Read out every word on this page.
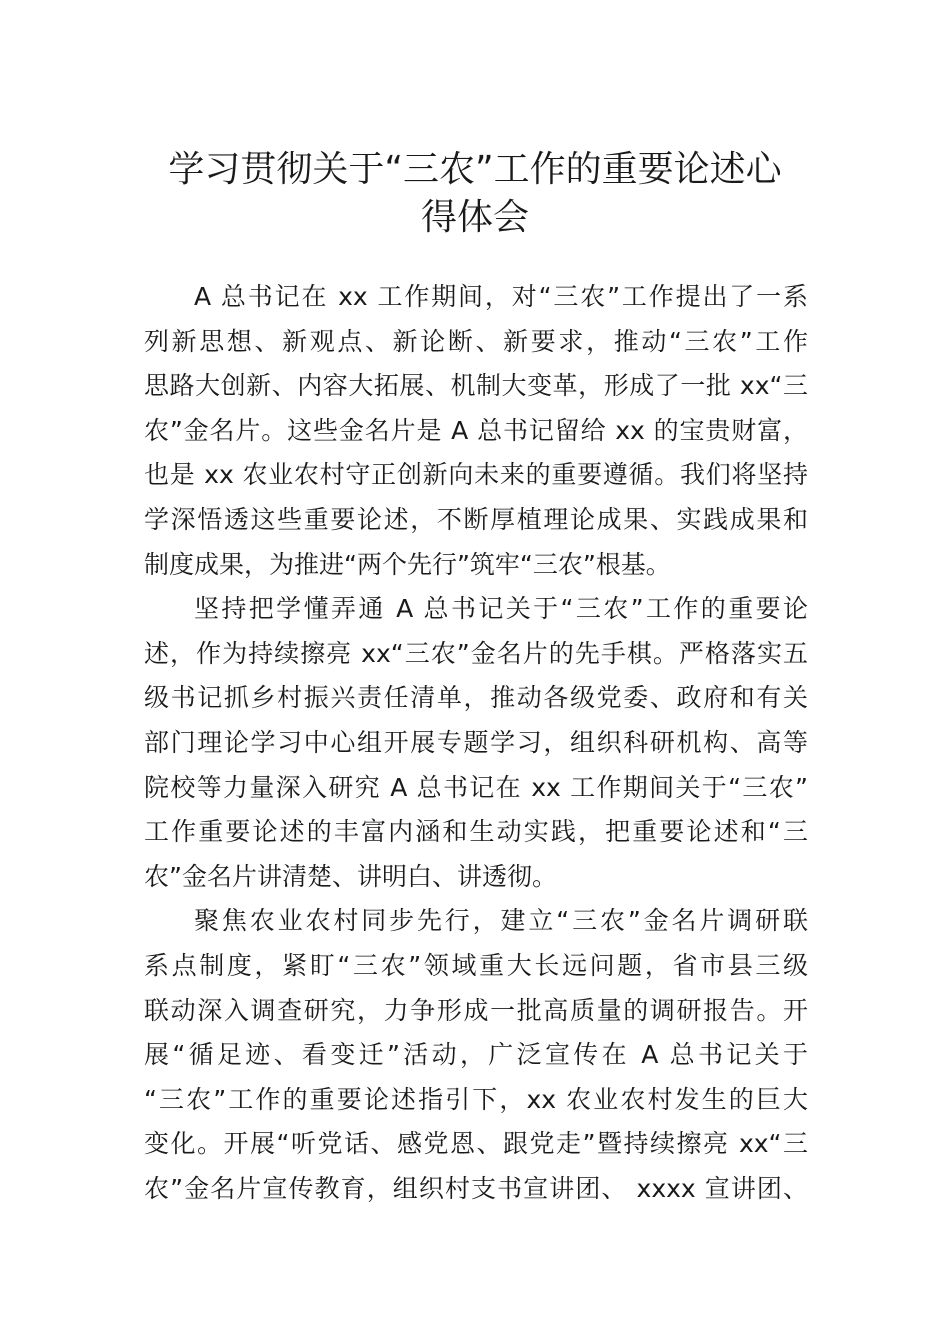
学习贯彻关于“三农”工作的重要论述心
得体会
A 总书记在 xx 工作期间，对“三农”工作提出了一系
列新思想、新观点、新论断、新要求，推动“三农”工作
思路大创新、内容大拓展、机制大变革，形成了一批 xx“三
农”金名片。这些金名片是 A 总书记留给 xx 的宝贵财富，
也是 xx 农业农村守正创新向未来的重要遵循。我们将坚持
学深悟透这些重要论述，不断厚植理论成果、实践成果和
制度成果，为推进“两个先行”筑牢“三农”根基。
坚持把学懂弄通 A 总书记关于“三农”工作的重要论
述，作为持续擦亮 xx“三农”金名片的先手棋。严格落实五
级书记抓乡村振兴责任清单，推动各级党委、政府和有关
部门理论学习中心组开展专题学习，组织科研机构、高等
院校等力量深入研究 A 总书记在 xx 工作期间关于“三农”
工作重要论述的丰富内涵和生动实践，把重要论述和“三
农”金名片讲清楚、讲明白、讲透彻。
聚焦农业农村同步先行，建立“三农”金名片调研联
系点制度，紧盯“三农”领域重大长远问题，省市县三级
联动深入调查研究，力争形成一批高质量的调研报告。开
展“循足迹、看变迁”活动，广泛宣传在 A 总书记关于
“三农”工作的重要论述指引下，xx 农业农村发生的巨大
变化。开展“听党话、感党恩、跟党走”暨持续擦亮 xx“三
农”金名片宣传教育，组织村支书宣讲团、 xxxx 宣讲团、
